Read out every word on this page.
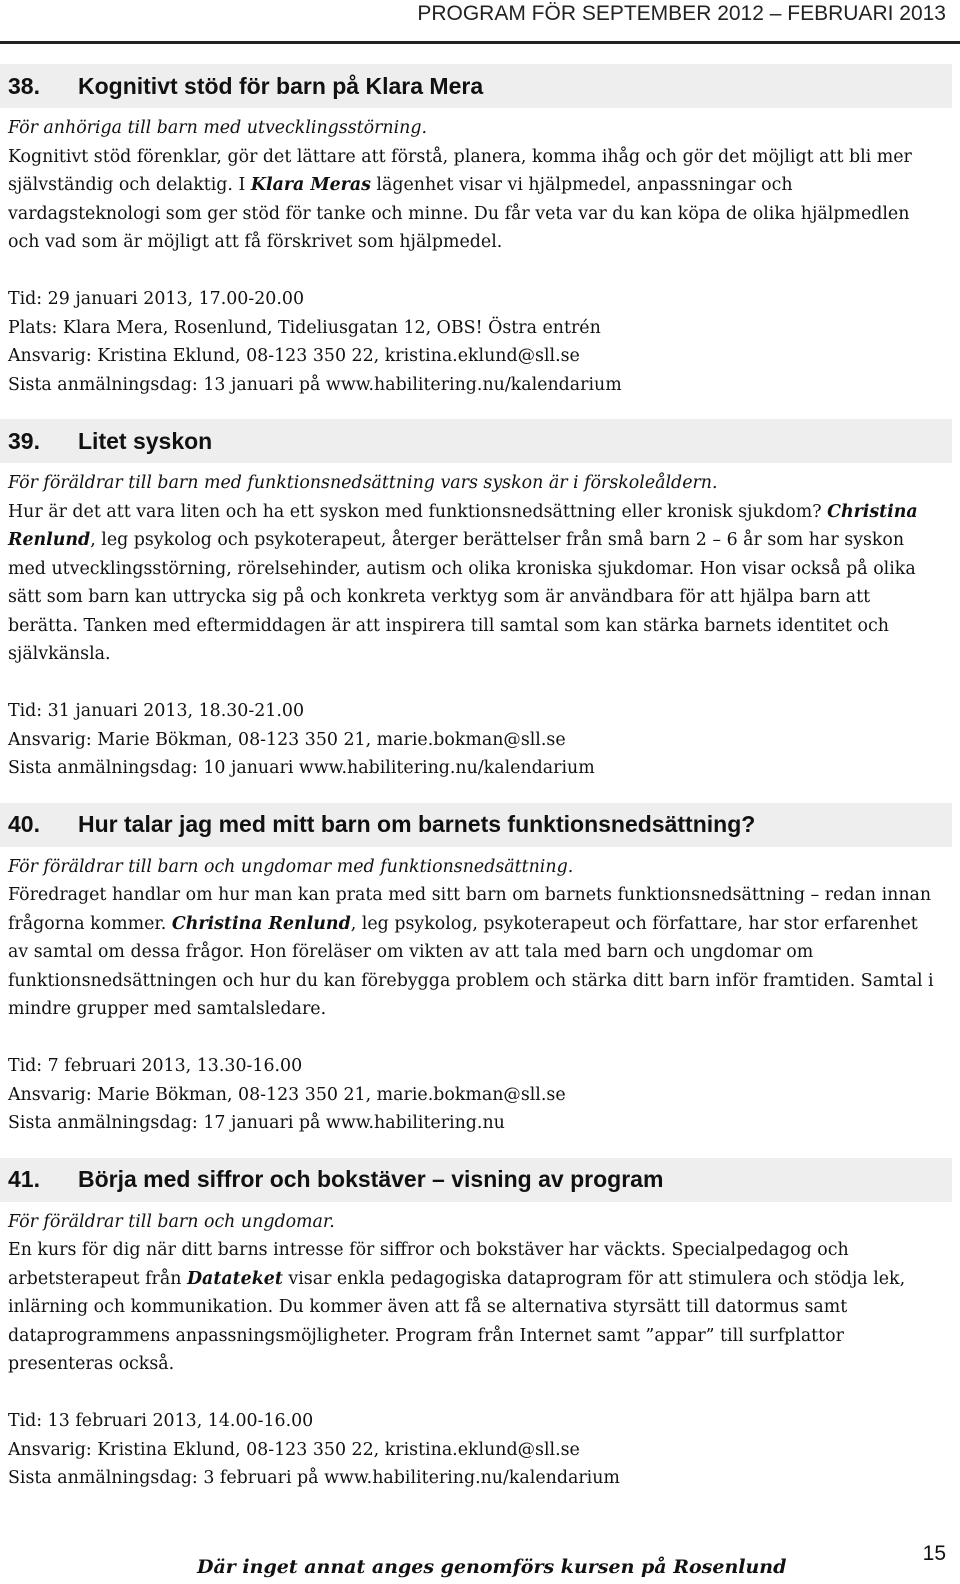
PROGRAM FÖR SEPTEMBER 2012 – FEBRUARI 2013
38.	Kognitivt stöd för barn på Klara Mera

För anhöriga till barn med utvecklingsstörning.

Kognitivt stöd förenklar, gör det lättare att förstå, planera, komma ihåg och gör det möjligt att bli mer självständig och delaktig. I Klara Meras lägenhet visar vi hjälpmedel, anpassningar och vardagsteknologi som ger stöd för tanke och minne. Du får veta var du kan köpa de olika hjälpmedlen och vad som är möjligt att få förskrivet som hjälpmedel.

Tid: 29 januari 2013, 17.00-20.00
Plats: Klara Mera, Rosenlund, Tideliusgatan 12, OBS! Östra entrén
Ansvarig: Kristina Eklund, 08-123 350 22, kristina.eklund@sll.se
Sista anmälningsdag: 13 januari på www.habilitering.nu/kalendarium
39.	Litet syskon

För föräldrar till barn med funktionsnedsättning vars syskon är i förskoleåldern.

Hur är det att vara liten och ha ett syskon med funktionsnedsättning eller kronisk sjukdom? Christina Renlund, leg psykolog och psykoterapeut, återger berättelser från små barn 2 – 6 år som har syskon med utvecklingsstörning, rörelsehinder, autism och olika kroniska sjukdomar. Hon visar också på olika sätt som barn kan uttrycka sig på och konkreta verktyg som är användbara för att hjälpa barn att berätta. Tanken med eftermiddagen är att inspirera till samtal som kan stärka barnets identitet och självkänsla.

Tid: 31 januari 2013, 18.30-21.00
Ansvarig: Marie Bökman, 08-123 350 21, marie.bokman@sll.se
Sista anmälningsdag: 10 januari www.habilitering.nu/kalendarium
40.	Hur talar jag med mitt barn om barnets funktionsnedsättning?

För föräldrar till barn och ungdomar med funktionsnedsättning.

Föredraget handlar om hur man kan prata med sitt barn om barnets funktionsnedsättning – redan innan frågorna kommer. Christina Renlund, leg psykolog, psykoterapeut och författare, har stor erfarenhet av samtal om dessa frågor. Hon föreläser om vikten av att tala med barn och ungdomar om funktionsnedsättningen och hur du kan förebygga problem och stärka ditt barn inför framtiden. Samtal i mindre grupper med samtalsledare.

Tid: 7 februari 2013, 13.30-16.00
Ansvarig: Marie Bökman, 08-123 350 21, marie.bokman@sll.se
Sista anmälningsdag: 17 januari på www.habilitering.nu
41.	Börja med siffror och bokstäver – visning av program

För föräldrar till barn och ungdomar.

En kurs för dig när ditt barns intresse för siffror och bokstäver har väckts. Specialpedagog och arbetsterapeut från Datateket visar enkla pedagogiska dataprogram för att stimulera och stödja lek, inlärning och kommunikation. Du kommer även att få se alternativa styrsätt till datormus samt dataprogrammens anpassningsmöjligheter. Program från Internet samt ”appar” till surfplattor presenteras också.

Tid: 13 februari 2013, 14.00-16.00
Ansvarig: Kristina Eklund, 08-123 350 22, kristina.eklund@sll.se
Sista anmälningsdag: 3 februari på www.habilitering.nu/kalendarium
Där inget annat anges genomförs kursen på Rosenlund
15
